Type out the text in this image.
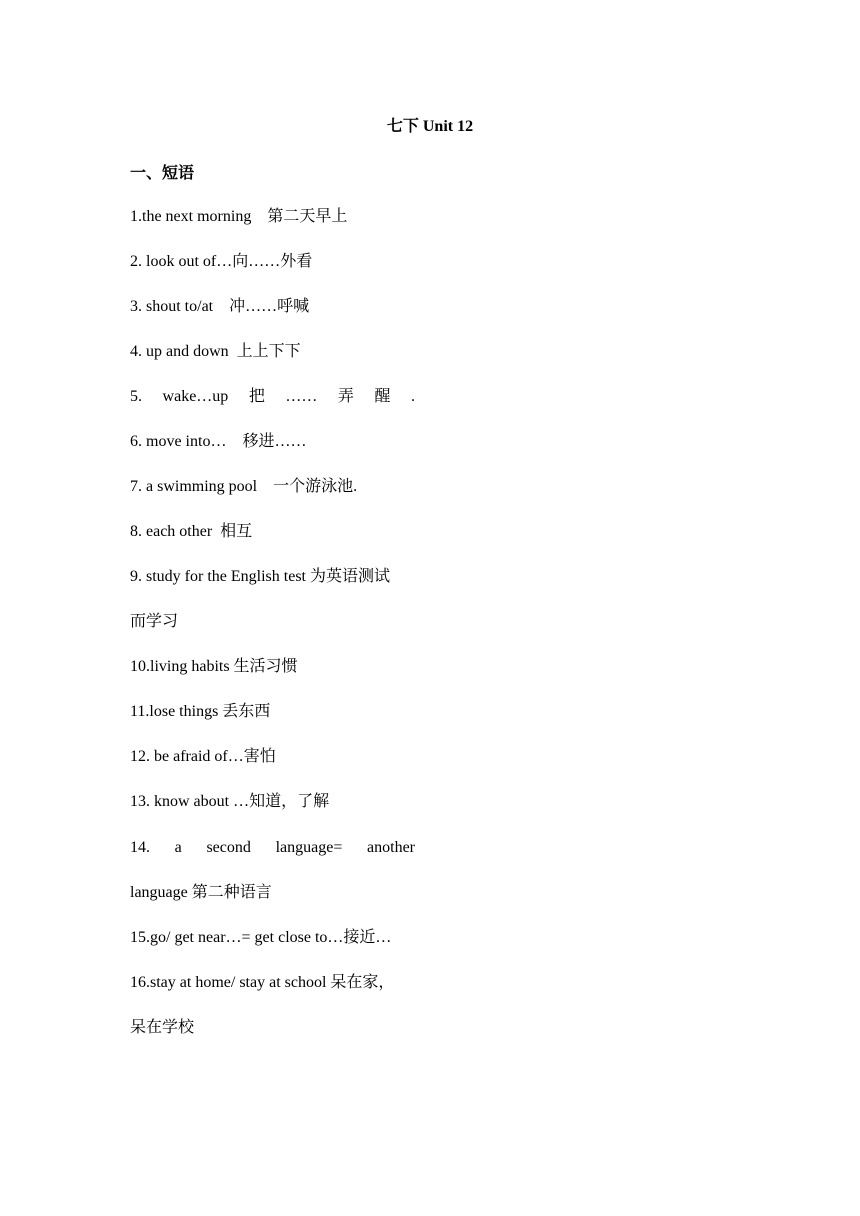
七下 Unit 12
一、短语
1.the next morning    第二天早上
2. look out of…向……外看
3. shout to/at    冲……呼喊
4. up and down  上上下下
5. wake…up 把 …… 弄 醒 .
6. move into…    移进……
7. a swimming pool    一个游泳池.
8. each other  相互
9. study for the English test 为英语测试
而学习
10.living habits 生活习惯
11.lose things 丢东西
12. be afraid of…害怕
13. know about …知道，了解
14. a second language= another
language 第二种语言
15.go/ get near…= get close to…接近…
16.stay at home/ stay at school 呆在家，
呆在学校
